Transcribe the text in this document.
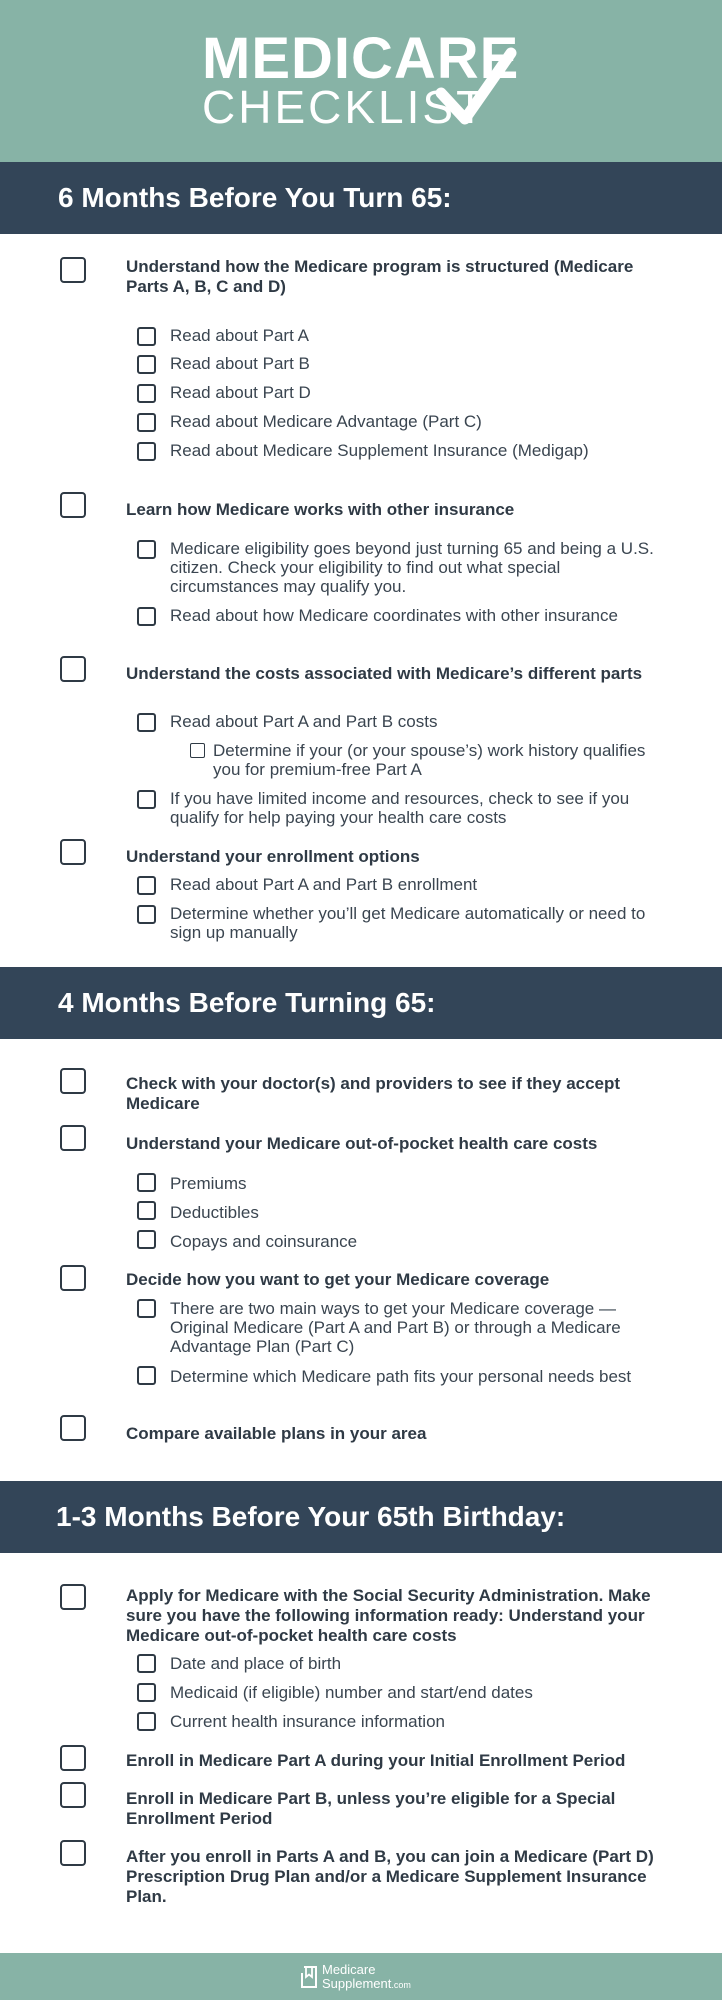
MEDICARE
CHECKLIST
6 Months Before You Turn 65:
Understand how the Medicare program is structured (Medicare Parts A, B, C and D)
Read about Part A
Read about Part B
Read about Part D
Read about Medicare Advantage (Part C)
Read about Medicare Supplement Insurance (Medigap)
Learn how Medicare works with other insurance
Medicare eligibility goes beyond just turning 65 and being a U.S. citizen. Check your eligibility to find out what special circumstances may qualify you.
Read about how Medicare coordinates with other insurance
Understand the costs associated with Medicare’s different parts
Read about Part A and Part B costs
Determine if your (or your spouse’s) work history qualifies you for premium-free Part A
If you have limited income and resources, check to see if you qualify for help paying your health care costs
Understand your enrollment options
Read about Part A and Part B enrollment
Determine whether you’ll get Medicare automatically or need to sign up manually
4 Months Before Turning 65:
Check with your doctor(s) and providers to see if they accept Medicare
Understand your Medicare out-of-pocket health care costs
Premiums
Deductibles
Copays and coinsurance
Decide how you want to get your Medicare coverage
There are two main ways to get your Medicare coverage — Original Medicare (Part A and Part B) or through a Medicare Advantage Plan (Part C)
Determine which Medicare path fits your personal needs best
Compare available plans in your area
1-3 Months Before Your 65th Birthday:
Apply for Medicare with the Social Security Administration. Make sure you have the following information ready: Understand your Medicare out-of-pocket health care costs
Date and place of birth
Medicaid (if eligible) number and start/end dates
Current health insurance information
Enroll in Medicare Part A during your Initial Enrollment Period
Enroll in Medicare Part B, unless you’re eligible for a Special Enrollment Period
After you enroll in Parts A and B, you can join a Medicare (Part D) Prescription Drug Plan and/or a Medicare Supplement Insurance Plan.
Medicare
Supplement.com
